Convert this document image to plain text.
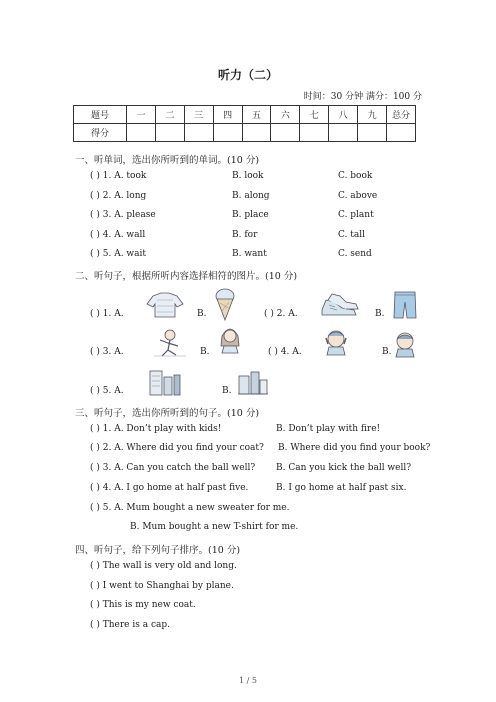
听力（二）
时间：30 分钟 满分：100 分
题号	一	二	三	四	五	六	七	八	九	总分
得分										
一、听单词，选出你所听到的单词。(10 分)
( ) 1. A. took	B. look	C. book
( ) 2. A. long	B. along	C. above
( ) 3. A. please	B. place	C. plant
( ) 4. A. wall	B. for	C. tall
( ) 5. A. wait	B. want	C. send
二、听句子，根据所听内容选择相符的图片。(10 分)
( ) 1. A.	B.	( ) 2. A.	B.
( ) 3. A.	B.	( ) 4. A.	B.
( ) 5. A.	B.
三、听句子，选出你所听到的句子。(10 分)
( ) 1. A. Don’t play with kids!	B. Don’t play with fire!
( ) 2. A. Where did you find your coat? B. Where did you find your book?
( ) 3. A. Can you catch the ball well? B. Can you kick the ball well?
( ) 4. A. I go home at half past five.	B. I go home at half past six.
( ) 5. A. Mum bought a new sweater for me.
B. Mum bought a new T-shirt for me.
四、听句子，给下列句子排序。(10 分)
( ) The wall is very old and long.
( ) I went to Shanghai by plane.
( ) This is my new coat.
( ) There is a cap.
1 / 5
